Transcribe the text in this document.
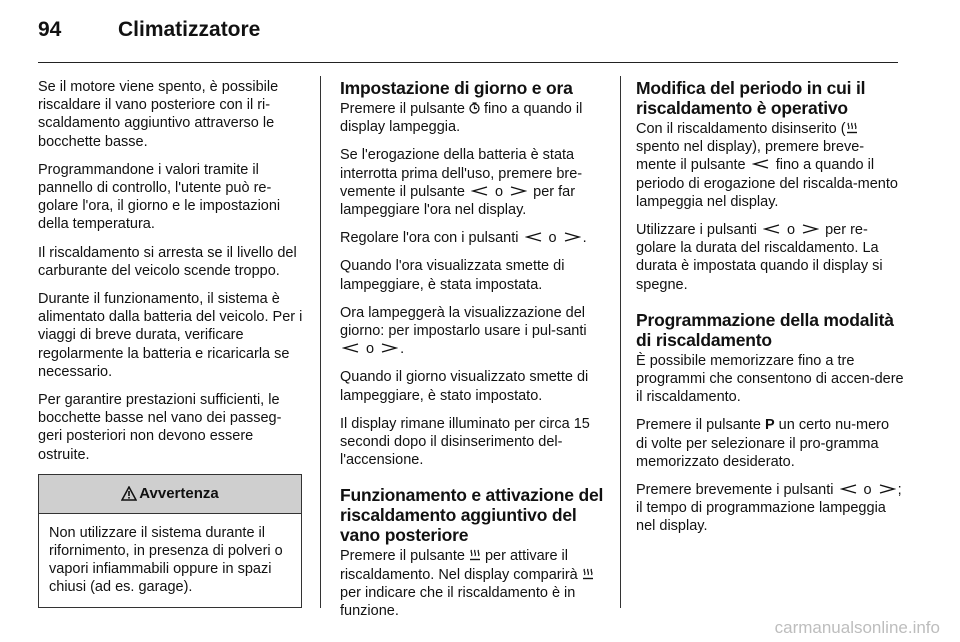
94	Climatizzatore

Se il motore viene spento, è possibile riscaldare il vano posteriore con il ri-scaldamento aggiuntivo attraverso le bocchette basse.

Programmandone i valori tramite il pannello di controllo, l'utente può re-golare l'ora, il giorno e le impostazioni della temperatura.

Il riscaldamento si arresta se il livello del carburante del veicolo scende troppo.

Durante il funzionamento, il sistema è alimentato dalla batteria del veicolo. Per i viaggi di breve durata, verificare regolarmente la batteria e ricaricarla se necessario.

Per garantire prestazioni sufficienti, le bocchette basse nel vano dei passeg-geri posteriori non devono essere ostruite.

Avvertenza

Non utilizzare il sistema durante il rifornimento, in presenza di polveri o vapori infiammabili oppure in spazi chiusi (ad es. garage).

Impostazione di giorno e ora

Premere il pulsante fino a quando il display lampeggia.

Se l'erogazione della batteria è stata interrotta prima dell'uso, premere bre-vemente il pulsante o per far lampeggiare l'ora nel display.

Regolare l'ora con i pulsanti o .

Quando l'ora visualizzata smette di lampeggiare, è stata impostata.

Ora lampeggerà la visualizzazione del giorno: per impostarlo usare i pul-santi  o .

Quando il giorno visualizzato smette di lampeggiare, è stato impostato.

Il display rimane illuminato per circa 15 secondi dopo il disinserimento del-l'accensione.

Funzionamento e attivazione del riscaldamento aggiuntivo del vano posteriore

Premere il pulsante per attivare il riscaldamento. Nel display comparirà  per indicare che il riscaldamento è in funzione.

Modifica del periodo in cui il riscaldamento è operativo

Con il riscaldamento disinserito ( spento nel display), premere breve-mente il pulsante fino a quando il periodo di erogazione del riscalda-mento lampeggia nel display.

Utilizzare i pulsanti o per re-golare la durata del riscaldamento. La durata è impostata quando il display si spegne.

Programmazione della modalità di riscaldamento

È possibile memorizzare fino a tre programmi che consentono di accen-dere il riscaldamento.

Premere il pulsante P un certo nu-mero di volte per selezionare il pro-gramma memorizzato desiderato.

Premere brevemente i pulsanti o ; il tempo di programmazione lampeggia nel display.

carmanualsonline.info
